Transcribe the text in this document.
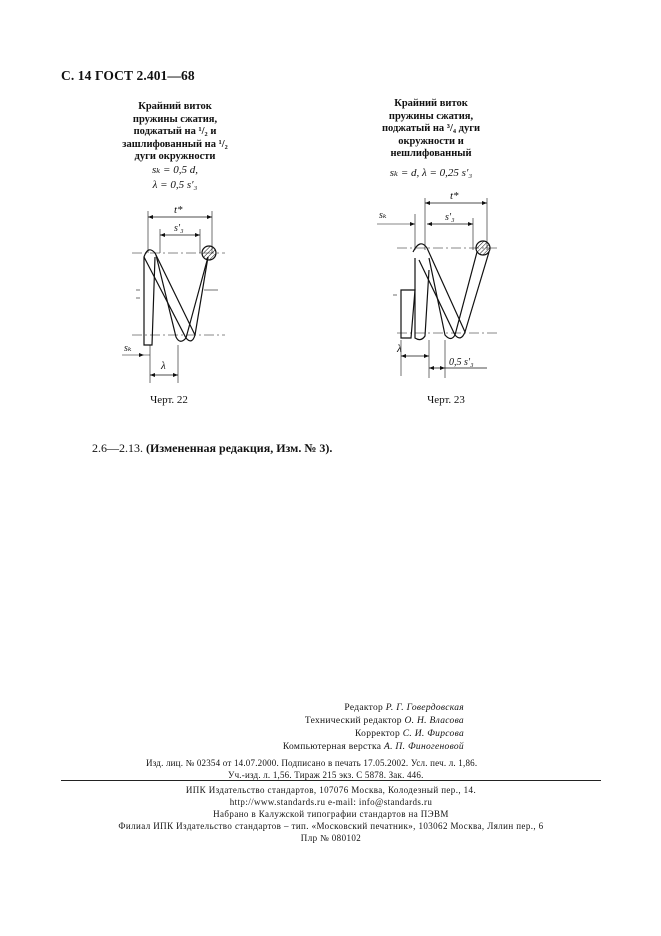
С. 14 ГОСТ 2.401—68
Крайний виток
пружины сжатия,
поджатый на ¹/₂ и
зашлифованный на ¹/₂
дуги окружности
sₖ = 0,5 d,
λ = 0,5 s′₃
Крайний виток
пружины сжатия,
поджатый на ³/₄ дуги
окружности и
нешлифованный
sₖ = d, λ = 0,25 s′₃
t*
s′₃
sₖ
λ
Черт. 22
t*
s′₃
sₖ
λ
0,5 s′₃
Черт. 23
2.6—2.13. (Измененная редакция, Изм. № 3).
Редактор Р. Г. Говердовская
Технический редактор О. Н. Власова
Корректор С. И. Фирсова
Компьютерная верстка А. П. Финогеновой
Изд. лиц. № 02354 от 14.07.2000. Подписано в печать 17.05.2002. Усл. печ. л. 1,86.
Уч.-изд. л. 1,56. Тираж 215 экз. С 5878. Зак. 446.
ИПК Издательство стандартов, 107076 Москва, Колодезный пер., 14.
http://www.standards.ru e-mail: info@standards.ru
Набрано в Калужской типографии стандартов на ПЭВМ
Филиал ИПК Издательство стандартов – тип. «Московский печатник», 103062 Москва, Лялин пер., 6
Плр № 080102
